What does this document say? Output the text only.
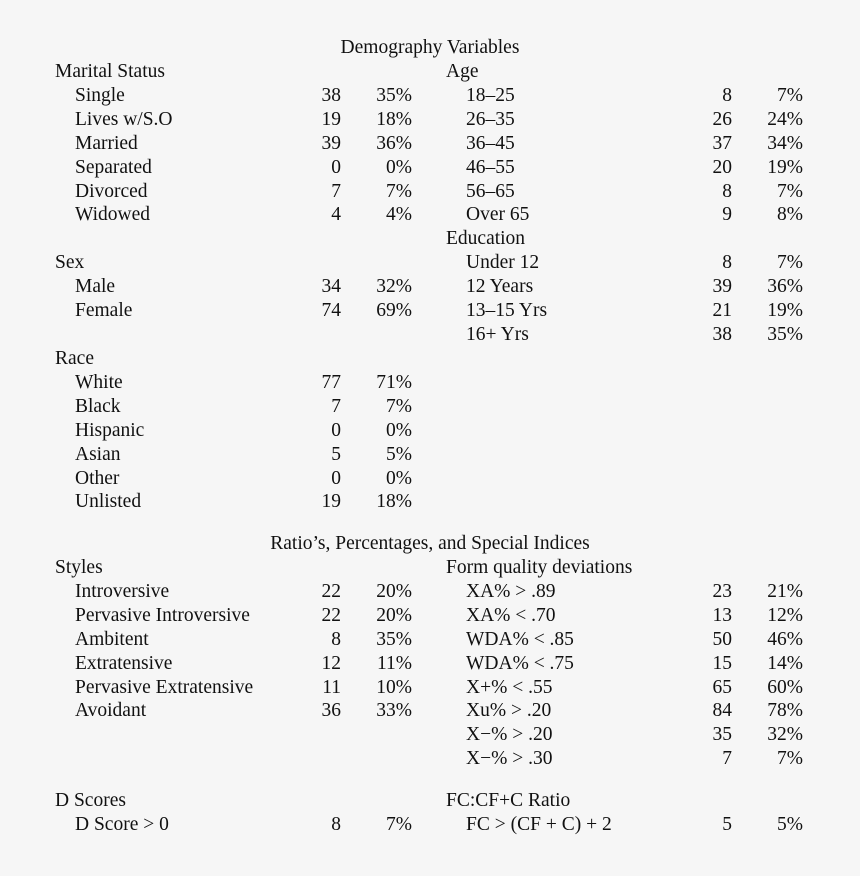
Demography Variables
Ratio’s, Percentages, and Special Indices
Marital Status
Single	38	35%
Lives w/S.O	19	18%
Married	39	36%
Separated	0	0%
Divorced	7	7%
Widowed	4	4%
Sex
Male	34	32%
Female	74	69%
Race
White	77	71%
Black	7	7%
Hispanic	0	0%
Asian	5	5%
Other	0	0%
Unlisted	19	18%
Age
18–25	8	7%
26–35	26	24%
36–45	37	34%
46–55	20	19%
56–65	8	7%
Over 65	9	8%
Education
Under 12	8	7%
12 Years	39	36%
13–15 Yrs	21	19%
16+ Yrs	38	35%
Styles
Introversive	22	20%
Pervasive Introversive	22	20%
Ambitent	8	35%
Extratensive	12	11%
Pervasive Extratensive	11	10%
Avoidant	36	33%
D Scores
D Score > 0	8	7%
Form quality deviations
XA% > .89	23	21%
XA% < .70	13	12%
WDA% < .85	50	46%
WDA% < .75	15	14%
X+% < .55	65	60%
Xu% > .20	84	78%
X−% > .20	35	32%
X−% > .30	7	7%
FC:CF+C Ratio
FC > (CF + C) + 2	5	5%
